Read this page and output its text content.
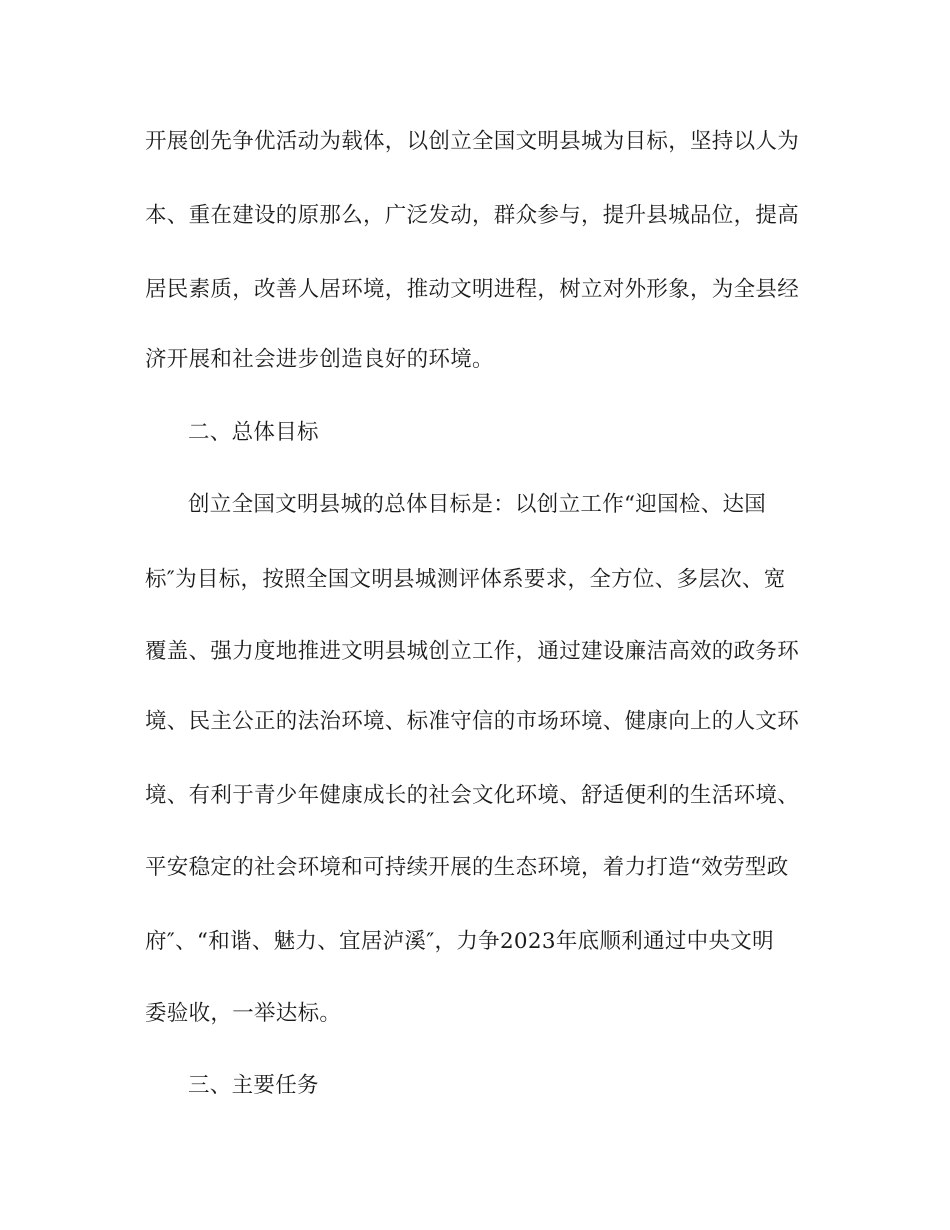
开展创先争优活动为载体，以创立全国文明县城为目标，坚持以人为
本、重在建设的原那么，广泛发动，群众参与，提升县城品位，提高
居民素质，改善人居环境，推动文明进程，树立对外形象，为全县经
济开展和社会进步创造良好的环境。
二、总体目标
创立全国文明县城的总体目标是：以创立工作“迎国检、达国
标″为目标，按照全国文明县城测评体系要求，全方位、多层次、宽
覆盖、强力度地推进文明县城创立工作，通过建设廉洁高效的政务环
境、民主公正的法治环境、标准守信的市场环境、健康向上的人文环
境、有利于青少年健康成长的社会文化环境、舒适便利的生活环境、
平安稳定的社会环境和可持续开展的生态环境，着力打造“效劳型政
府″、“和谐、魅力、宜居泸溪″，力争2023年底顺利通过中央文明
委验收，一举达标。
三、主要任务
